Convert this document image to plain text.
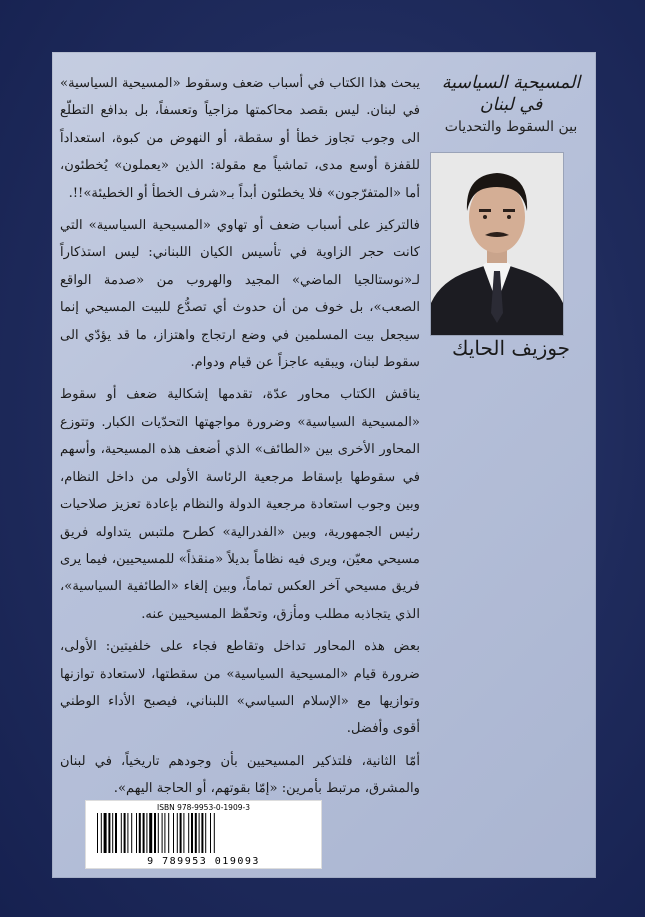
يبحث هذا الكتاب في أسباب ضعف وسقوط «المسيحية السياسية» في لبنان. ليس بقصد محاكمتها مزاجياً وتعسفاً، بل بدافع التطلّع الى وجوب تجاوز خطأ أو سقطة، أو النهوض من كبوة، استعداداً للقفزة أوسع مدى، تماشياً مع مقولة: الذين «يعملون» يُخطئون، أما «المتفرّجون» فلا يخطئون أبداً بـ«شرف الخطأ أو الخطيئة»!!.

فالتركيز على أسباب ضعف أو تهاوي «المسيحية السياسية» التي كانت حجر الزاوية في تأسيس الكيان اللبناني: ليس استذكاراً لـ«نوستالجيا الماضي» المجيد والهروب من «صدمة الواقع الصعب»، بل خوف من أن حدوث أي تصدُّع للبيت المسيحي إنما سيجعل بيت المسلمين في وضع ارتجاج واهتزاز، ما قد يؤدّي الى سقوط لبنان، ويبقيه عاجزاً عن قيام ودوام.

يناقش الكتاب محاور عدّة، تقدمها إشكالية ضعف أو سقوط «المسيحية السياسية» وضرورة مواجهتها التحدّيات الكبار. وتتوزع المحاور الأخرى بين «الطائف» الذي أضعف هذه المسيحية، وأسهم في سقوطها بإسقاط مرجعية الرئاسة الأولى من داخل النظام، وبين وجوب استعادة مرجعية الدولة والنظام بإعادة تعزيز صلاحيات رئيس الجمهورية، وبين «الفدرالية» كطرح ملتبس يتداوله فريق مسيحي معيّن، ويرى فيه نظاماً بديلاً «منقذاً» للمسيحيين، فيما يرى فريق مسيحي آخر العكس تماماً، وبين إلغاء «الطائفية السياسية»، الذي يتجاذبه مطلب ومأزق، وتحفّظ المسيحيين عنه.

بعض هذه المحاور تداخل وتقاطع فجاء على خلفيتين: الأولى، ضرورة قيام «المسيحية السياسية» من سقطتها، لاستعادة توازنها وتوازيها مع «الإسلام السياسي» اللبناني، فيصبح الأداء الوطني أقوى وأفضل.

أمّا الثانية، فلتذكير المسيحيين بأن وجودهم تاريخياً، في لبنان والمشرق، مرتبط بأمرين: «إمّا بقوتهم، أو الحاجة اليهم».

المسيحية السياسية في لبنان

بين السقوط والتحديات

جوزيف الحايك
ISBN 978-9953-0-1909-3
9 789953 019093
